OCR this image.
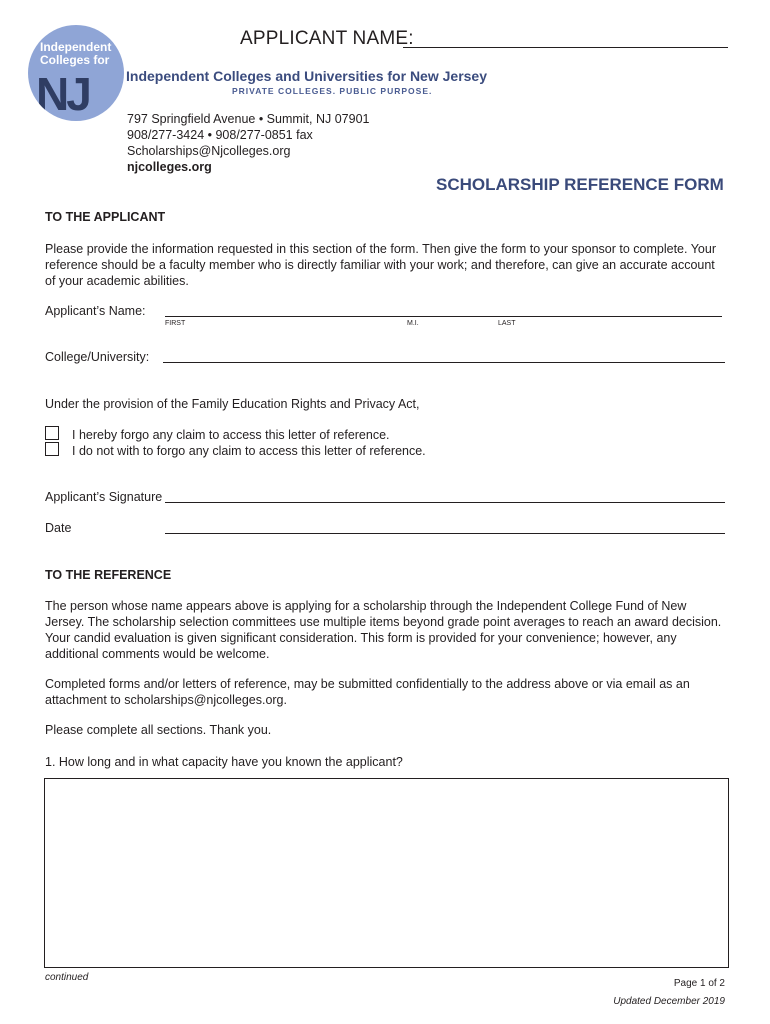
Independent
Colleges for
NJ	Independent Colleges and Universities for New Jersey
PRIVATE COLLEGES. PUBLIC PURPOSE.
APPLICANT NAME:
797 Springfield Avenue • Summit, NJ 07901
908/277-3424 • 908/277-0851 fax
Scholarships@Njcolleges.org
njcolleges.org
SCHOLARSHIP REFERENCE FORM
TO THE APPLICANT
Please provide the information requested in this section of the form. Then give the form to your sponsor to complete. Your reference should be a faculty member who is directly familiar with your work; and therefore, can give an accurate account of your academic abilities.
Applicant’s Name:
FIRST	M.I.	LAST
College/University:
Under the provision of the Family Education Rights and Privacy Act,
I hereby forgo any claim to access this letter of reference.
I do not with to forgo any claim to access this letter of reference.
Applicant’s Signature
Date
TO THE REFERENCE
The person whose name appears above is applying for a scholarship through the Independent College Fund of New Jersey. The scholarship selection committees use multiple items beyond grade point averages to reach an award decision. Your candid evaluation is given significant consideration. This form is provided for your convenience; however, any additional comments would be welcome.
Completed forms and/or letters of reference, may be submitted confidentially to the address above or via email as an attachment to scholarships@njcolleges.org.
Please complete all sections. Thank you.
1. How long and in what capacity have you known the applicant?
continued
Page 1 of 2
Updated December 2019
